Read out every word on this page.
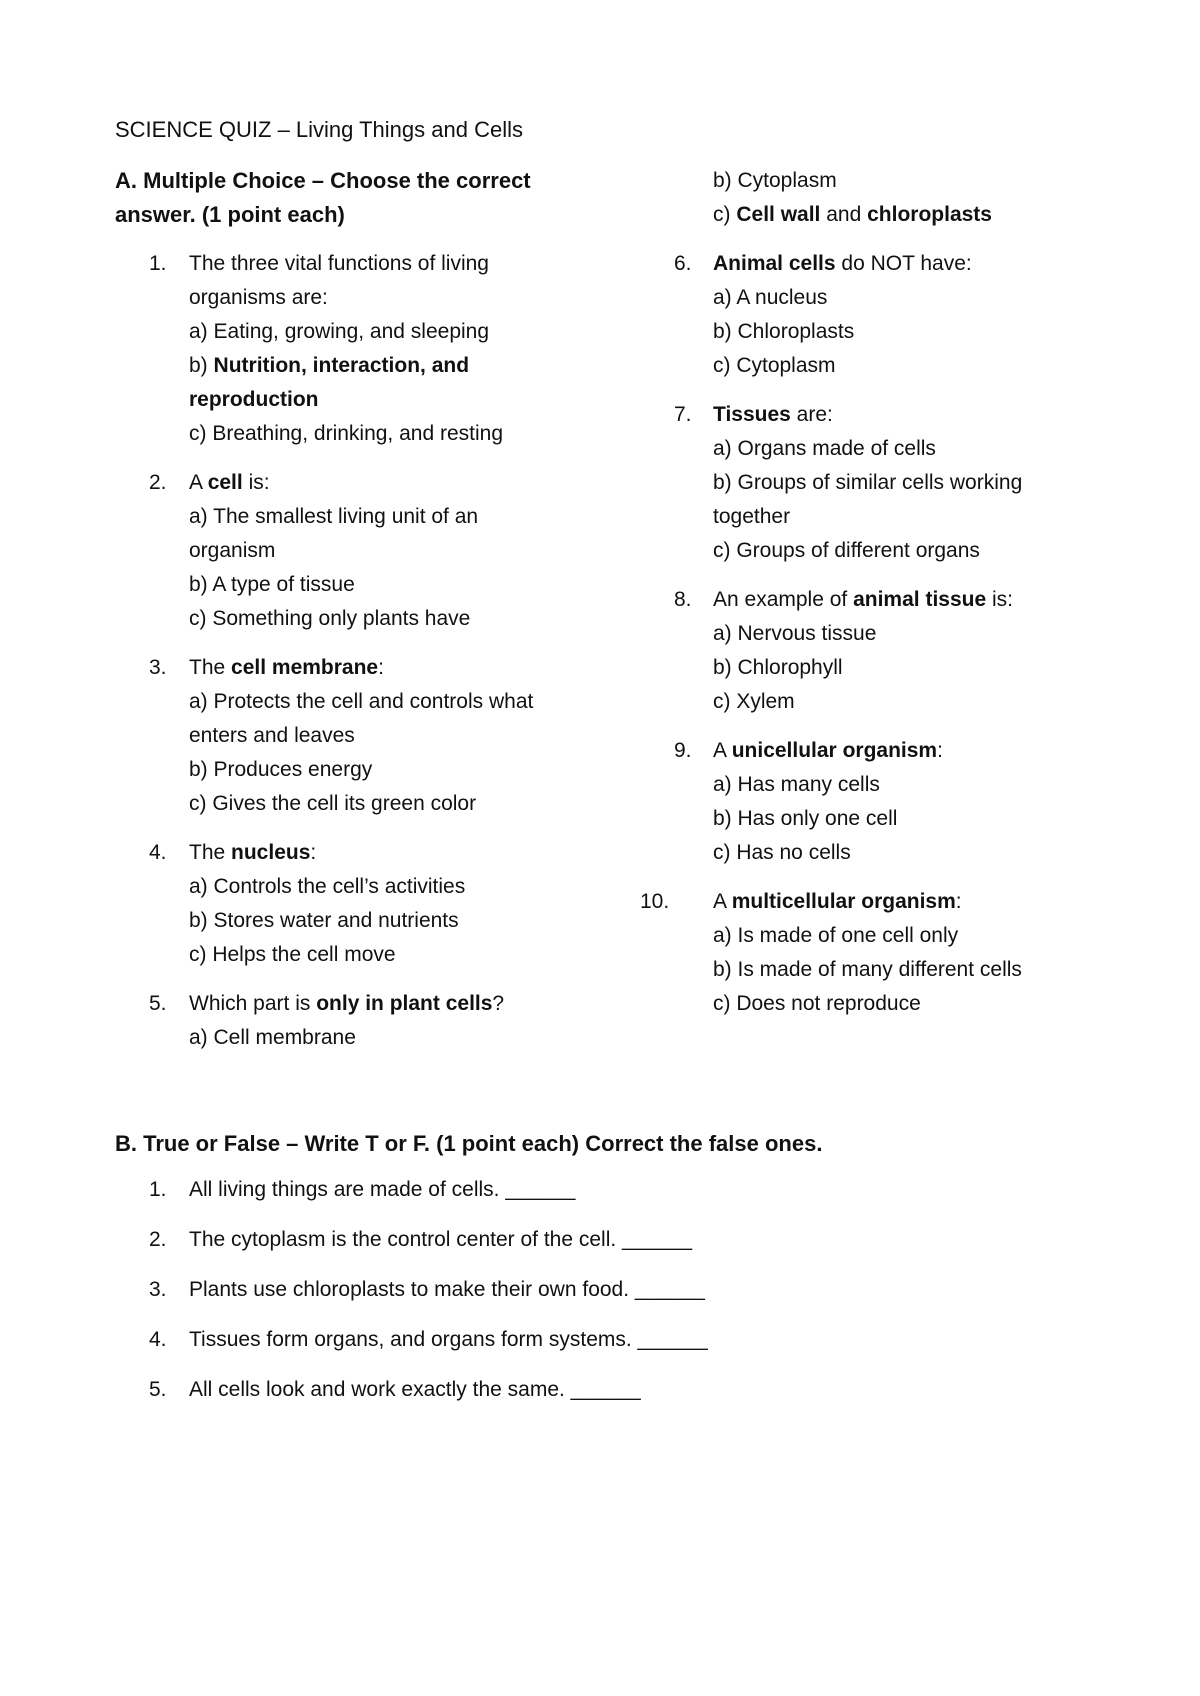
SCIENCE QUIZ – Living Things and Cells
A. Multiple Choice – Choose the correct
answer. (1 point each)
1. The three vital functions of living
organisms are:
a) Eating, growing, and sleeping
b) Nutrition, interaction, and
reproduction
c) Breathing, drinking, and resting
2. A cell is:
a) The smallest living unit of an
organism
b) A type of tissue
c) Something only plants have
3. The cell membrane:
a) Protects the cell and controls what
enters and leaves
b) Produces energy
c) Gives the cell its green color
4. The nucleus:
a) Controls the cell’s activities
b) Stores water and nutrients
c) Helps the cell move
5. Which part is only in plant cells?
a) Cell membrane
b) Cytoplasm
c) Cell wall and chloroplasts
6. Animal cells do NOT have:
a) A nucleus
b) Chloroplasts
c) Cytoplasm
7. Tissues are:
a) Organs made of cells
b) Groups of similar cells working
together
c) Groups of different organs
8. An example of animal tissue is:
a) Nervous tissue
b) Chlorophyll
c) Xylem
9. A unicellular organism:
a) Has many cells
b) Has only one cell
c) Has no cells
10. A multicellular organism:
a) Is made of one cell only
b) Is made of many different cells
c) Does not reproduce
B. True or False – Write T or F. (1 point each) Correct the false ones.
1. All living things are made of cells. ______
2. The cytoplasm is the control center of the cell. ______
3. Plants use chloroplasts to make their own food. ______
4. Tissues form organs, and organs form systems. ______
5. All cells look and work exactly the same. ______
